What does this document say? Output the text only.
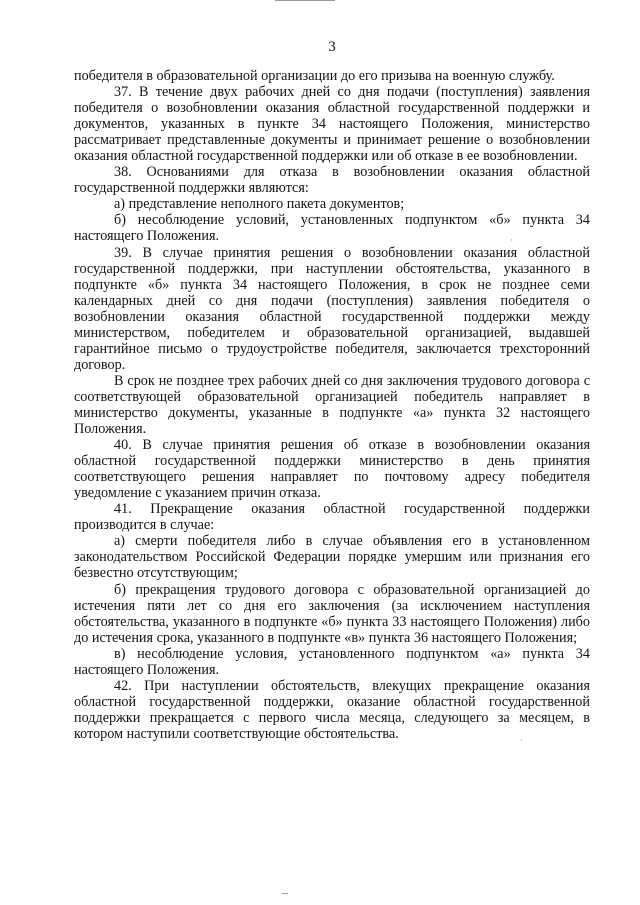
3

победителя в образовательной организации до его призыва на военную службу.

37. В течение двух рабочих дней со дня подачи (поступления) заявления победителя о возобновлении оказания областной государственной поддержки и документов, указанных в пункте 34 настоящего Положения, министерство рассматривает представленные документы и принимает решение о возобновлении оказания областной государственной поддержки или об отказе в ее возобновлении.

38. Основаниями для отказа в возобновлении оказания областной государственной поддержки являются:

а) представление неполного пакета документов;

б) несоблюдение условий, установленных подпунктом «б» пункта 34 настоящего Положения.

39. В случае принятия решения о возобновлении оказания областной государственной поддержки, при наступлении обстоятельства, указанного в подпункте «б» пункта 34 настоящего Положения, в срок не позднее семи календарных дней со дня подачи (поступления) заявления победителя о возобновлении оказания областной государственной поддержки между министерством, победителем и образовательной организацией, выдавшей гарантийное письмо о трудоустройстве победителя, заключается трехсторонний договор.

В срок не позднее трех рабочих дней со дня заключения трудового договора с соответствующей образовательной организацией победитель направляет в министерство документы, указанные в подпункте «а» пункта 32 настоящего Положения.

40. В случае принятия решения об отказе в возобновлении оказания областной государственной поддержки министерство в день принятия соответствующего решения направляет по почтовому адресу победителя уведомление с указанием причин отказа.

41. Прекращение оказания областной государственной поддержки производится в случае:

а) смерти победителя либо в случае объявления его в установленном законодательством Российской Федерации порядке умершим или признания его безвестно отсутствующим;

б) прекращения трудового договора с образовательной организацией до истечения пяти лет со дня его заключения (за исключением наступления обстоятельства, указанного в подпункте «б» пункта 33 настоящего Положения) либо до истечения срока, указанного в подпункте «в» пункта 36 настоящего Положения;

в) несоблюдение условия, установленного подпунктом «а» пункта 34 настоящего Положения.

42. При наступлении обстоятельств, влекущих прекращение оказания областной государственной поддержки, оказание областной государственной поддержки прекращается с первого числа месяца, следующего за месяцем, в котором наступили соответствующие обстоятельства.

·
·
